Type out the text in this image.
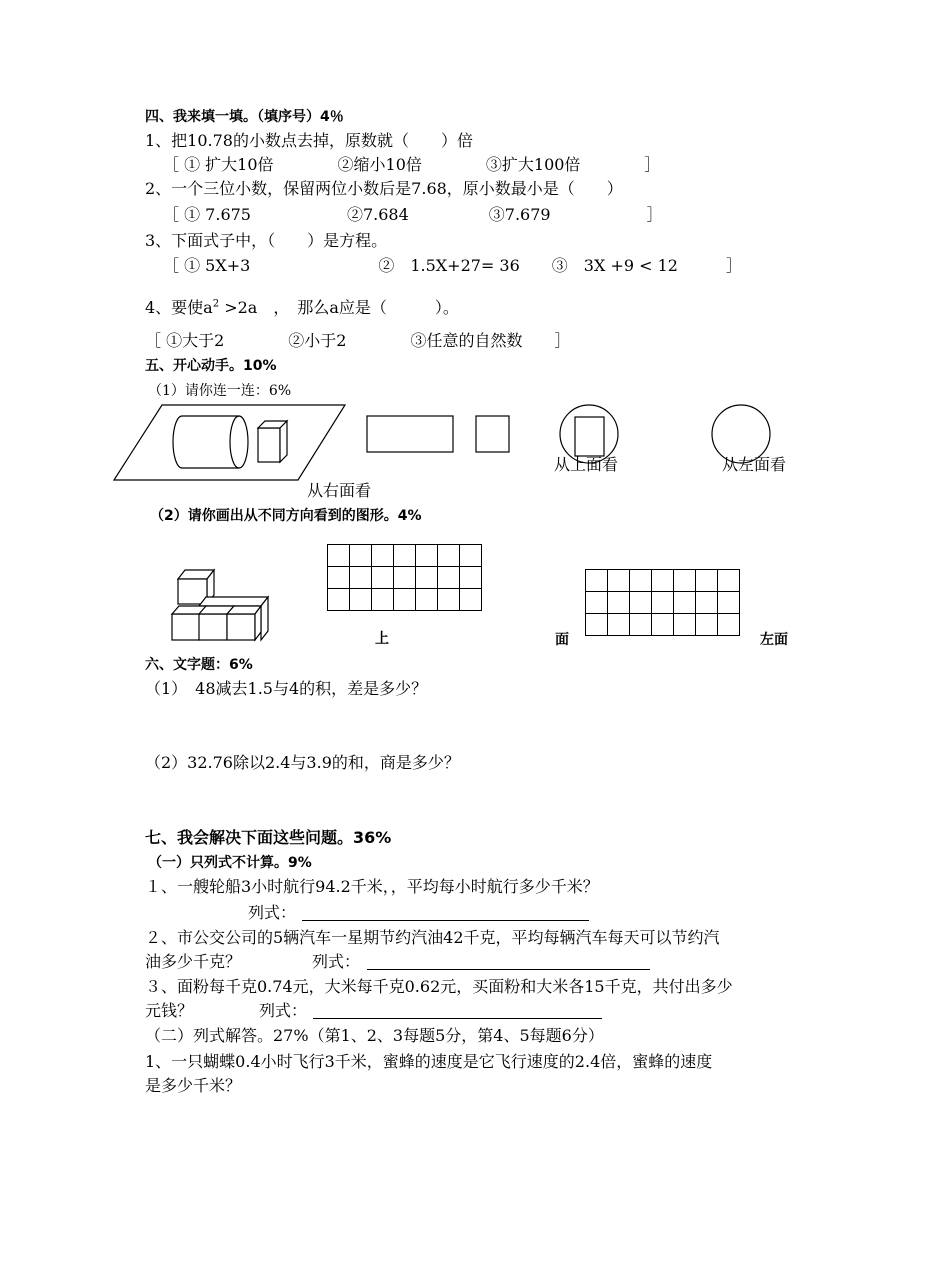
四、我来填一填。（填序号）4％
1、把10.78的小数点去掉，原数就（　　）倍
［ ① 扩大10倍　　　　②缩小10倍　　　　③扩大100倍　　　　］
2、一个三位小数，保留两位小数后是7.68，原小数最小是（　　）
［ ① 7.675　　　　　　②7.684　　　　　③7.679　　　　　　］
3、下面式子中，（　　）是方程。
［ ① 5X+3　　　　　　　　②　1.5X+27= 36　　③　3X +9 < 12　　　］
4、要使$a^2 >2a$　，　那么a应是（　　　）。
［ ①大于2　　　　②小于2　　　　③任意的自然数　　］
五、开心动手。10%
（1）请你连一连：6%
从上面看	从左面看
从右面看
（2）请你画出从不同方向看到的图形。4%
上	面	左面
六、文字题：6%
（1）　48减去1.5与4的积，差是多少？
（2）32.76除以2.4与3.9的和，商是多少？
七、我会解决下面这些问题。36%
（一）只列式不计算。9%
１、一艘轮船3小时航行94.2千米，，平均每小时航行多少千米？
列式：
２、市公交公司的5辆汽车一星期节约汽油42千克，平均每辆汽车每天可以节约汽
油多少千克？	列式：
３、面粉每千克0.74元，大米每千克0.62元，买面粉和大米各15千克，共付出多少
元钱？	列式：
（二）列式解答。27%（第1、2、3每题5分，第4、5每题6分）
1、一只蝴蝶0.4小时飞行3千米，蜜蜂的速度是它飞行速度的2.4倍，蜜蜂的速度
是多少千米？
